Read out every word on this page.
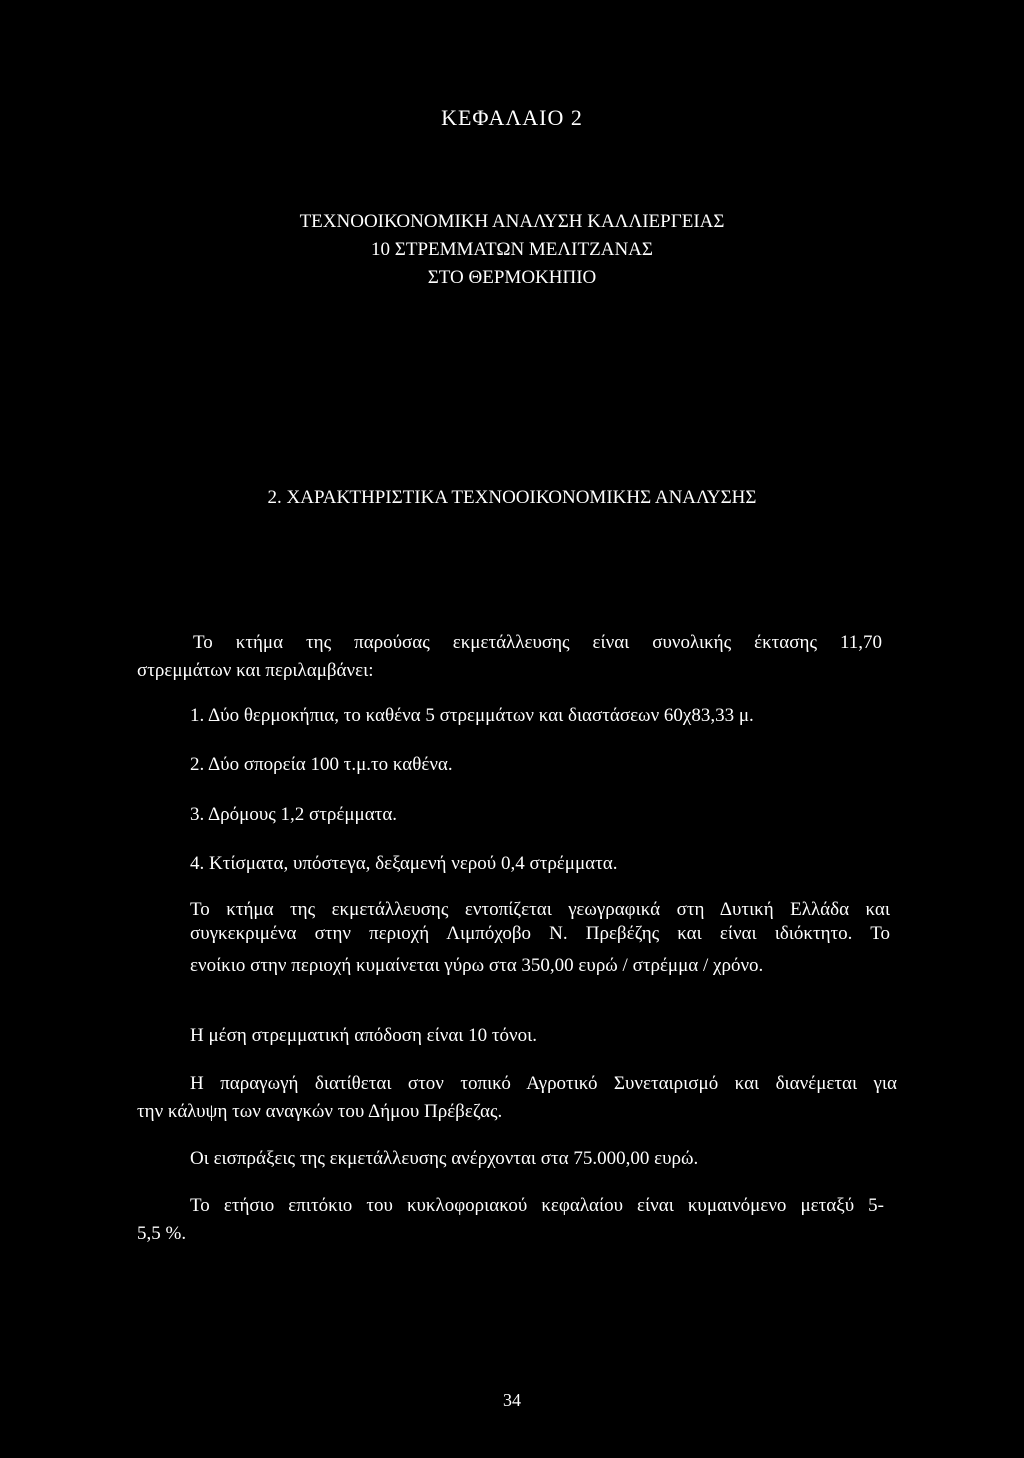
ΚΕΦΑΛΑΙΟ 2
ΤΕΧΝΟΟΙΚΟΝΟΜΙΚΗ ΑΝΑΛΥΣΗ ΚΑΛΛΙΕΡΓΕΙΑΣ
10 ΣΤΡΕΜΜΑΤΩΝ ΜΕΛΙΤΖΑΝΑΣ
ΣΤΟ ΘΕΡΜΟΚΗΠΙΟ
2. ΧΑΡΑΚΤΗΡΙΣΤΙΚΑ ΤΕΧΝΟΟΙΚΟΝΟΜΙΚΗΣ ΑΝΑΛΥΣΗΣ
Το κτήμα της παρούσας εκμετάλλευσης είναι συνολικής έκτασης 11,70
στρεμμάτων και περιλαμβάνει:
1. Δύο θερμοκήπια, το καθένα 5 στρεμμάτων και διαστάσεων 60χ83,33 μ.
2. Δύο σπορεία 100 τ.μ.το καθένα.
3. Δρόμους 1,2 στρέμματα.
4. Κτίσματα, υπόστεγα, δεξαμενή νερού 0,4 στρέμματα.
Το κτήμα της εκμετάλλευσης εντοπίζεται γεωγραφικά στη Δυτική Ελλάδα και
συγκεκριμένα στην περιοχή Λιμπόχοβο Ν. Πρεβέζης και είναι ιδιόκτητο. Το
ενοίκιο στην περιοχή κυμαίνεται γύρω στα 350,00 ευρώ / στρέμμα / χρόνο.
Η μέση στρεμματική απόδοση είναι 10 τόνοι.
Η παραγωγή διατίθεται στον τοπικό Αγροτικό Συνεταιρισμό και διανέμεται για
την κάλυψη των αναγκών του Δήμου Πρέβεζας.
Οι εισπράξεις της εκμετάλλευσης ανέρχονται στα 75.000,00 ευρώ.
Το ετήσιο επιτόκιο του κυκλοφοριακού κεφαλαίου είναι κυμαινόμενο μεταξύ 5-
5,5 %.
34
